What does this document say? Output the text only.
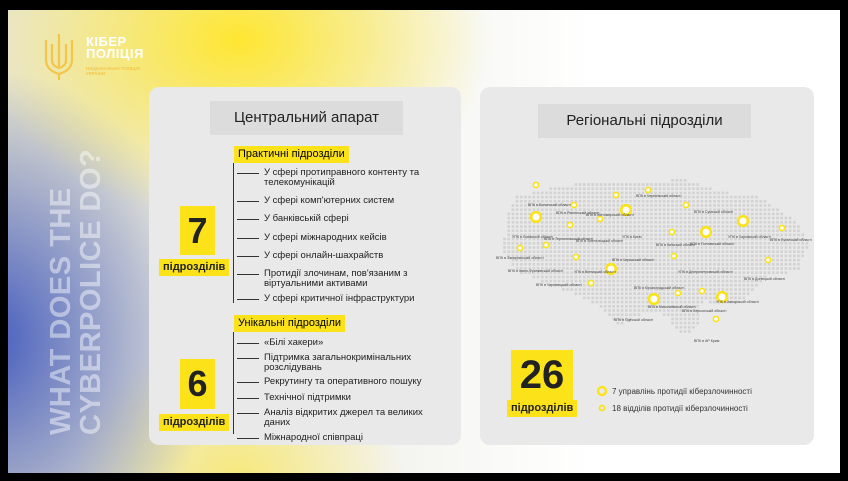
КІБЕР
ПОЛІЦІЯ
НАЦІОНАЛЬНА ПОЛІЦІЯ
УКРАЇНИ
WHAT DOES THE
CYBERPOLICE DO?
Центральний апарат
Практичні підрозділи
У сфері протиправного контенту та телекомунікацій
У сфері комп'ютерних систем
У банківській сфері
У сфері міжнародних кейсів
У сфері онлайн-шахрайств
Протидії злочинам, пов'язаним з віртуальними активами
У сфері критичної інфраструктури
7
підрозділів
Унікальні підрозділи
«Білі хакери»
Підтримка загальнокримінальних розслідувань
Рекрутингу та оперативного пошуку
Технічної підтримки
Аналіз відкритих джерел та великих даних
Міжнародної співпраці
6
підрозділів
Регіональні підрозділи
ВПК в Волинській області
ВПК в Рівненській області
ВПК в Житомирській області
ВПК в Чернігівській області
ВПК в Сумській області
УПК в Львівській області
ВПК в Тернопільській області
ВПК в Хмельницькій області
УПК в Києві
ВПК в Київській області
ВПК в Полтавській області
УПК в Харківській області
ВПК в Луганській області
ВПК в Закарпатській області
ВПК в Івано-Франківській області
ВПК в Чернівецькій області
УПК в Вінницькій області
ВПК в Черкаській області
УПК в Дніпропетровській області
ВПК в Донецькій області
ВПК в Кіровоградській області
ВПК в Миколаївській області
ВПК в Одеській області
ВПК в Херсонській області
УПК в Запорізькій області
ВПК в АР Крим
26
підрозділів
7 управлінь протидії кіберзлочинності
18 відділів протидії кіберзлочинності
